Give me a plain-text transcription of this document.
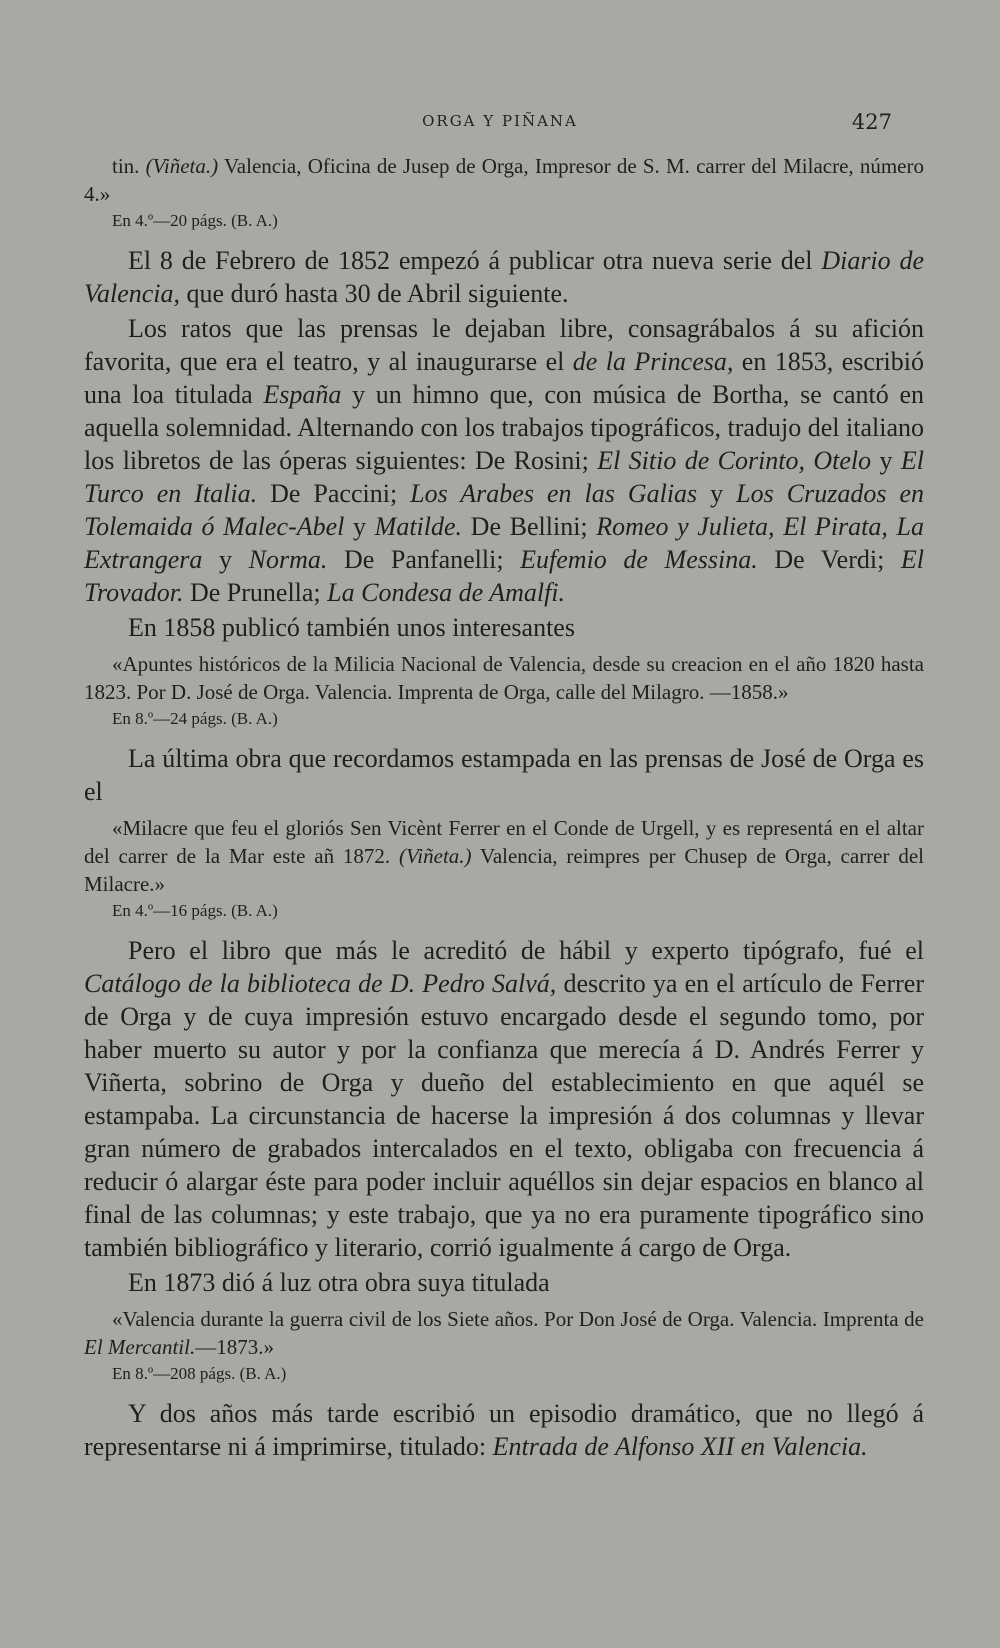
ORGA Y PIÑANA	427

tin. (Viñeta.) Valencia, Oficina de Jusep de Orga, Impresor de S. M. carrer del Milacre, número 4.»

En 4.º—20 págs. (B. A.)

El 8 de Febrero de 1852 empezó á publicar otra nueva serie del Diario de Valencia, que duró hasta 30 de Abril siguiente.

Los ratos que las prensas le dejaban libre, consagrábalos á su afición favorita, que era el teatro, y al inaugurarse el de la Princesa, en 1853, escribió una loa titulada España y un himno que, con música de Bortha, se cantó en aquella solemnidad. Alternando con los trabajos tipográficos, tradujo del italiano los libretos de las óperas siguientes: De Rosini; El Sitio de Corinto, Otelo y El Turco en Italia. De Paccini; Los Arabes en las Galias y Los Cruzados en Tolemaida ó Malec-Abel y Matilde. De Bellini; Romeo y Julieta, El Pirata, La Extrangera y Norma. De Panfanelli; Eufemio de Messina. De Verdi; El Trovador. De Prunella; La Condesa de Amalfi.

En 1858 publicó también unos interesantes

«Apuntes históricos de la Milicia Nacional de Valencia, desde su creacion en el año 1820 hasta 1823. Por D. José de Orga. Valencia. Imprenta de Orga, calle del Milagro. —1858.»

En 8.º—24 págs. (B. A.)

La última obra que recordamos estampada en las prensas de José de Orga es el

«Milacre que feu el gloriós Sen Vicènt Ferrer en el Conde de Urgell, y es representá en el altar del carrer de la Mar este añ 1872. (Viñeta.) Valencia, reimpres per Chusep de Orga, carrer del Milacre.»

En 4.º—16 págs. (B. A.)

Pero el libro que más le acreditó de hábil y experto tipógrafo, fué el Catálogo de la biblioteca de D. Pedro Salvá, descrito ya en el artículo de Ferrer de Orga y de cuya impresión estuvo encargado desde el segundo tomo, por haber muerto su autor y por la confianza que merecía á D. Andrés Ferrer y Viñerta, sobrino de Orga y dueño del establecimiento en que aquél se estampaba. La circunstancia de hacerse la impresión á dos columnas y llevar gran número de grabados intercalados en el texto, obligaba con frecuencia á reducir ó alargar éste para poder incluir aquéllos sin dejar espacios en blanco al final de las columnas; y este trabajo, que ya no era puramente tipográfico sino también bibliográfico y literario, corrió igualmente á cargo de Orga.

En 1873 dió á luz otra obra suya titulada

«Valencia durante la guerra civil de los Siete años. Por Don José de Orga. Valencia. Imprenta de El Mercantil.—1873.»

En 8.º—208 págs. (B. A.)

Y dos años más tarde escribió un episodio dramático, que no llegó á representarse ni á imprimirse, titulado: Entrada de Alfonso XII en Valencia.
